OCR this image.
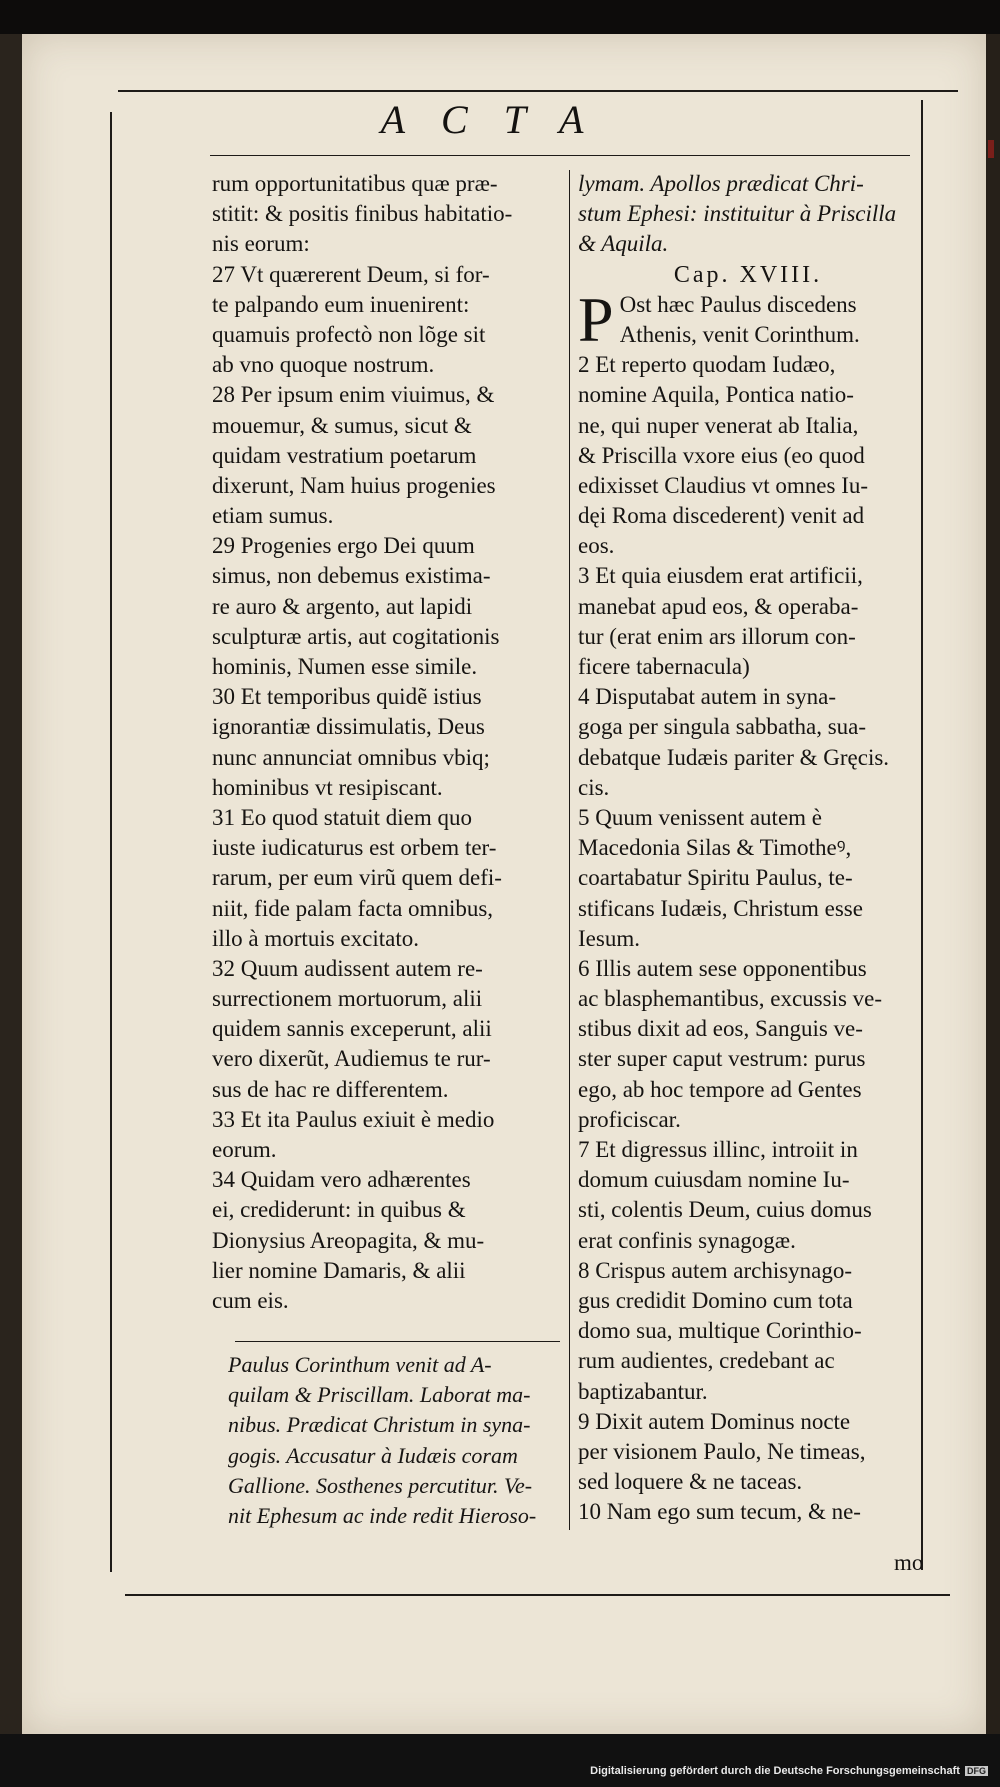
ACTA
rum opportunitatibus quæ præ-
stitit: & positis finibus habitatio-
nis eorum:
27 Vt quærerent Deum, si for-
te palpando eum inuenirent:
quamuis profectò non lõge sit
ab vno quoque nostrum.
28 Per ipsum enim viuimus, &
mouemur, & sumus, sicut &
quidam vestratium poetarum
dixerunt, Nam huius progenies
etiam sumus.
29 Progenies ergo Dei quum
simus, non debemus existima-
re auro & argento, aut lapidi
sculpturæ artis, aut cogitationis
hominis, Numen esse simile.
30 Et temporibus quidẽ istius
ignorantiæ dissimulatis, Deus
nunc annunciat omnibus vbiq;
hominibus vt resipiscant.
31 Eo quod statuit diem quo
iuste iudicaturus est orbem ter-
rarum, per eum virũ quem defi-
niit, fide palam facta omnibus,
illo à mortuis excitato.
32 Quum audissent autem re-
surrectionem mortuorum, alii
quidem sannis exceperunt, alii
vero dixerũt, Audiemus te rur-
sus de hac re differentem.
33 Et ita Paulus exiuit è medio
eorum.
34 Quidam vero adhærentes
ei, crediderunt: in quibus &
Dionysius Areopagita, & mu-
lier nomine Damaris, & alii
cum eis.
Paulus Corinthum venit ad A-
quilam & Priscillam. Laborat ma-
nibus. Prædicat Christum in syna-
gogis. Accusatur à Iudæis coram
Gallione. Sosthenes percutitur. Ve-
nit Ephesum ac inde redit Hieroso-
lymam. Apollos prædicat Chri-
stum Ephesi: instituitur à Priscilla
& Aquila.
Cap. XVIII.
P Ost hæc Paulus discedens
Athenis, venit Corinthum.
2 Et reperto quodam Iudæo,
nomine Aquila, Pontica natio-
ne, qui nuper venerat ab Italia,
& Priscilla vxore eius (eo quod
edixisset Claudius vt omnes Iu-
dęi Roma discederent) venit ad
eos.
3 Et quia eiusdem erat artificii,
manebat apud eos, & operaba-
tur (erat enim ars illorum con-
ficere tabernacula)
4 Disputabat autem in syna-
goga per singula sabbatha, sua-
debatque Iudæis pariter & Gręcis.
cis.
5 Quum venissent autem è
Macedonia Silas & Timotheꝰ,
coartabatur Spiritu Paulus, te-
stificans Iudæis, Christum esse
Iesum.
6 Illis autem sese opponentibus
ac blasphemantibus, excussis ve-
stibus dixit ad eos, Sanguis ve-
ster super caput vestrum: purus
ego, ab hoc tempore ad Gentes
proficiscar.
7 Et digressus illinc, introiit in
domum cuiusdam nomine Iu-
sti, colentis Deum, cuius domus
erat confinis synagogæ.
8 Crispus autem archisynago-
gus credidit Domino cum tota
domo sua, multique Corinthio-
rum audientes, credebant ac
baptizabantur.
9 Dixit autem Dominus nocte
per visionem Paulo, Ne timeas,
sed loquere & ne taceas.
10 Nam ego sum tecum, & ne-
mo
Digitalisierung gefördert durch die Deutsche Forschungsgemeinschaft DFG
